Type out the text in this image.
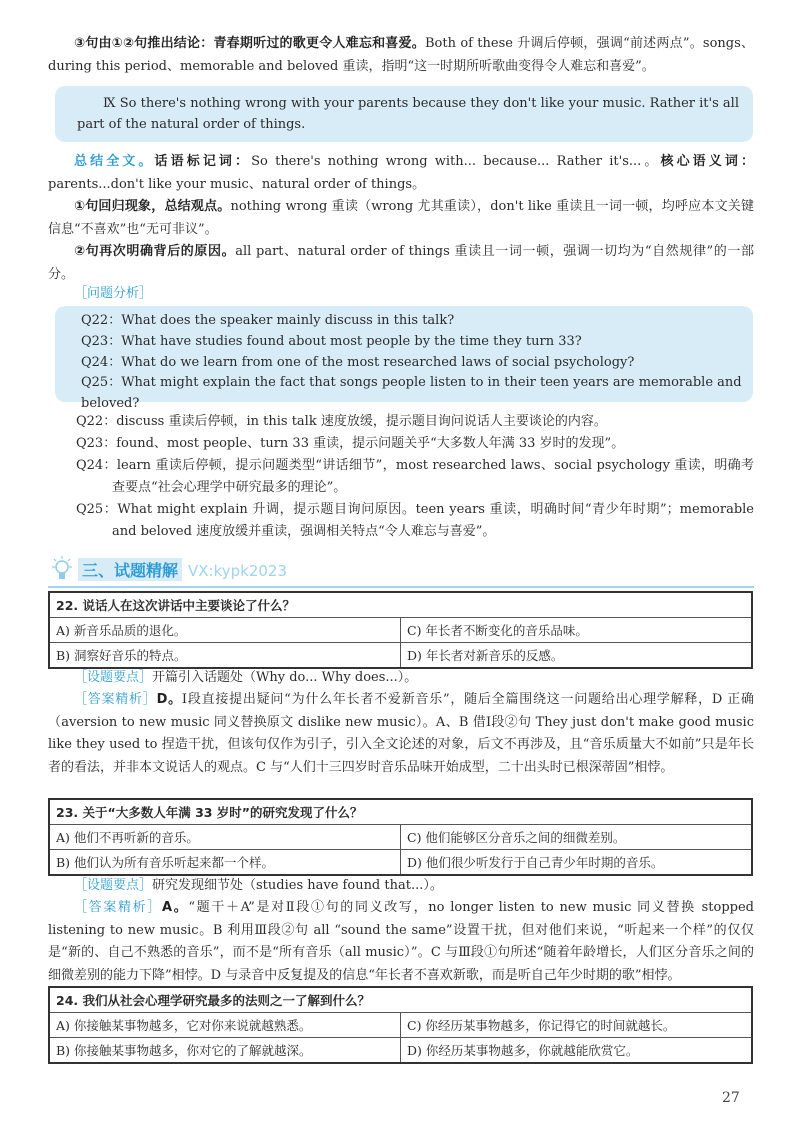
③句由①②句推出结论：青春期听过的歌更令人难忘和喜爱。Both of these 升调后停顿，强调“前述两点”。songs、during this period、memorable and beloved 重读，指明“这一时期所听歌曲变得令人难忘和喜爱”。
Ⅸ So there's nothing wrong with your parents because they don't like your music. Rather it's all part of the natural order of things.
总结全文。话语标记词：So there's nothing wrong with... because... Rather it's...。核心语义词：parents...don't like your music、natural order of things。
①句回归现象，总结观点。nothing wrong 重读（wrong 尤其重读），don't like 重读且一词一顿，均呼应本文关键信息“不喜欢”也“无可非议”。
②句再次明确背后的原因。all part、natural order of things 重读且一词一顿，强调一切均为“自然规律”的一部分。
［问题分析］
Q22：What does the speaker mainly discuss in this talk?
Q23：What have studies found about most people by the time they turn 33?
Q24：What do we learn from one of the most researched laws of social psychology?
Q25：What might explain the fact that songs people listen to in their teen years are memorable and beloved?
Q22：discuss 重读后停顿，in this talk 速度放缓，提示题目询问说话人主要谈论的内容。
Q23：found、most people、turn 33 重读，提示问题关乎“大多数人年满 33 岁时的发现”。
Q24：learn 重读后停顿，提示问题类型“讲话细节”，most researched laws、social psychology 重读，明确考查要点“社会心理学中研究最多的理论”。
Q25：What might explain 升调，提示题目询问原因。teen years 重读，明确时间“青少年时期”；memorable and beloved 速度放缓并重读，强调相关特点“令人难忘与喜爱”。
三、试题精解 VX:kypk2023
22. 说话人在这次讲话中主要谈论了什么？	
A) 新音乐品质的退化。	C) 年长者不断变化的音乐品味。
B) 洞察好音乐的特点。	D) 年长者对新音乐的反感。
［设题要点］开篇引入话题处（Why do... Why does...）。
［答案精析］D。Ⅰ段直接提出疑问“为什么年长者不爱新音乐”，随后全篇围绕这一问题给出心理学解释，D 正确（aversion to new music 同义替换原文 dislike new music）。A、B 借Ⅰ段②句 They just don't make good music like they used to 捏造干扰，但该句仅作为引子，引入全文论述的对象，后文不再涉及，且“音乐质量大不如前”只是年长者的看法，并非本文说话人的观点。C 与“人们十三四岁时音乐品味开始成型，二十出头时已根深蒂固”相悖。
23. 关于“大多数人年满 33 岁时”的研究发现了什么？	
A) 他们不再听新的音乐。	C) 他们能够区分音乐之间的细微差别。
B) 他们认为所有音乐听起来都一个样。	D) 他们很少听发行于自己青少年时期的音乐。
［设题要点］研究发现细节处（studies have found that...）。
［答案精析］A。“题干＋A”是对Ⅱ段①句的同义改写，no longer listen to new music 同义替换 stopped listening to new music。B 利用Ⅲ段②句 all “sound the same”设置干扰，但对他们来说，“听起来一个样”的仅仅是“新的、自己不熟悉的音乐”，而不是“所有音乐（all music）”。C 与Ⅲ段①句所述“随着年龄增长，人们区分音乐之间的细微差别的能力下降”相悖。D 与录音中反复提及的信息“年长者不喜欢新歌，而是听自己年少时期的歌”相悖。
24. 我们从社会心理学研究最多的法则之一了解到什么？	
A) 你接触某事物越多，它对你来说就越熟悉。	C) 你经历某事物越多，你记得它的时间就越长。
B) 你接触某事物越多，你对它的了解就越深。	D) 你经历某事物越多，你就越能欣赏它。
27
